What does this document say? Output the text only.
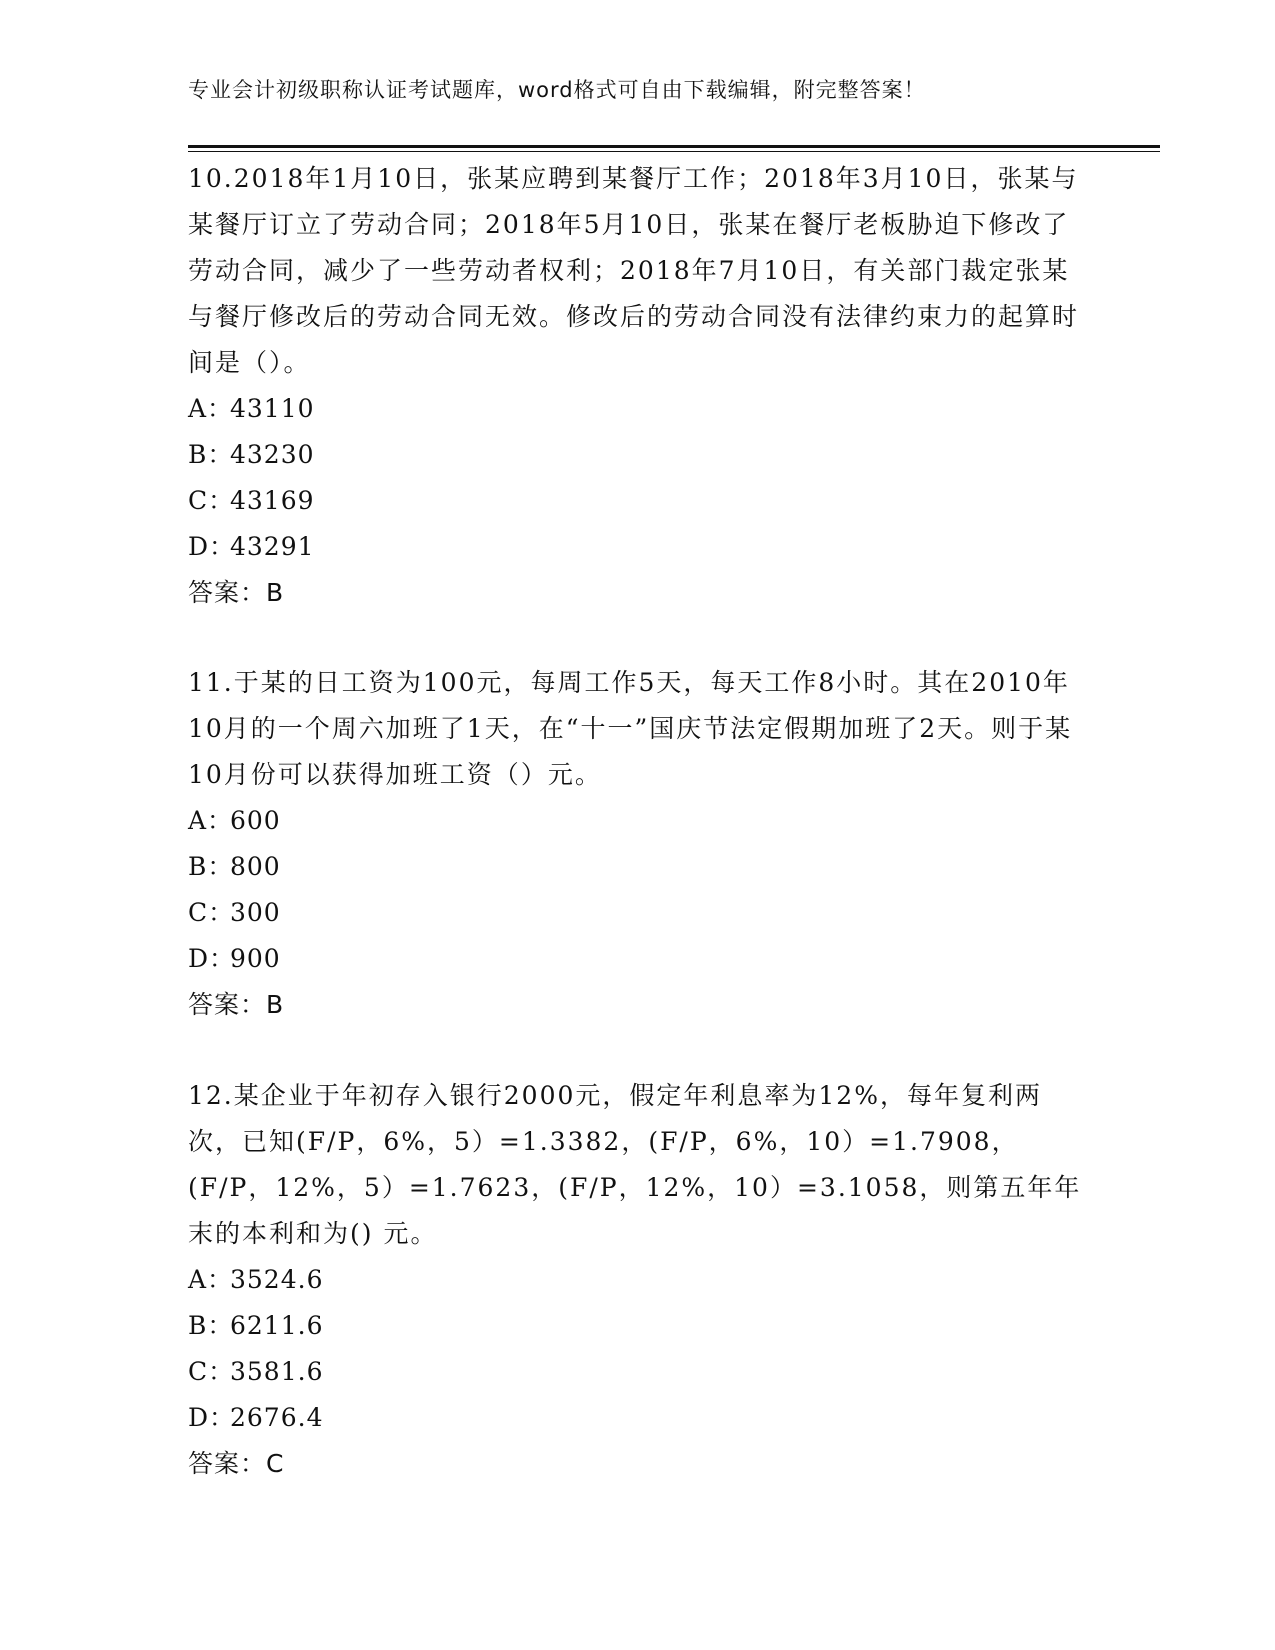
专业会计初级职称认证考试题库，word格式可自由下载编辑，附完整答案！

10.2018年1月10日，张某应聘到某餐厅工作；2018年3月10日，张某与某餐厅订立了劳动合同；2018年5月10日，张某在餐厅老板胁迫下修改了劳动合同，减少了一些劳动者权利；2018年7月10日，有关部门裁定张某与餐厅修改后的劳动合同无效。修改后的劳动合同没有法律约束力的起算时间是（）。

A：43110
B：43230
C：43169
D：43291
答案：B

11.于某的日工资为100元，每周工作5天，每天工作8小时。其在2010年10月的一个周六加班了1天，在“十一”国庆节法定假期加班了2天。则于某10月份可以获得加班工资（）元。

A：600
B：800
C：300
D：900
答案：B

12.某企业于年初存入银行2000元，假定年利息率为12%，每年复利两次，已知(F/P，6%，5）=1.3382，(F/P，6%，10）=1.7908，(F/P，12%，5）=1.7623，(F/P，12%，10）=3.1058，则第五年年末的本利和为() 元。

A：3524.6
B：6211.6
C：3581.6
D：2676.4
答案：C
